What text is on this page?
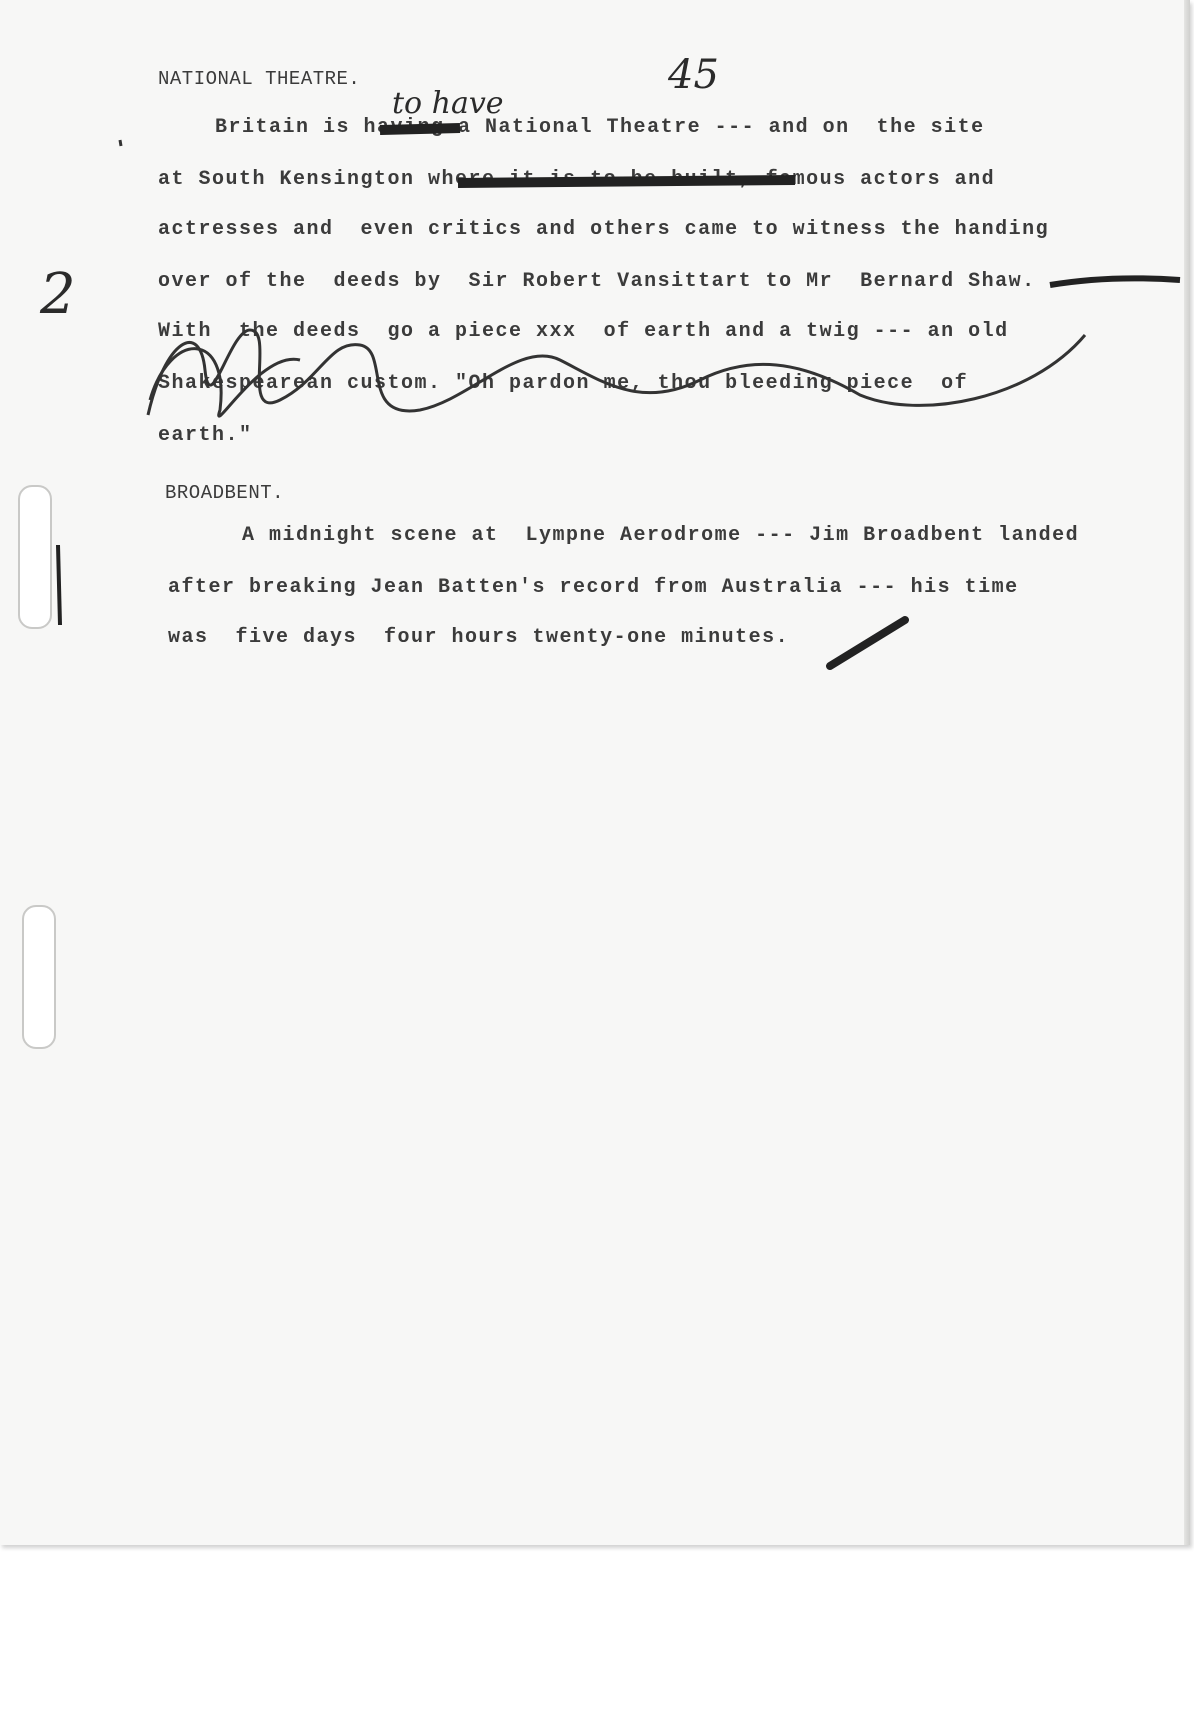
NATIONAL THEATRE.

Britain is having a National Theatre --- and on  the site

at South Kensington where it is to be built, famous actors and

actresses and  even critics and others came to witness the handing

over of the  deeds by  Sir Robert Vansittart to Mr  Bernard Shaw.

With  the deeds  go a piece xxx  of earth and a twig --- an old

Shakespearean custom. "Oh pardon me, thou bleeding piece  of

earth."

BROADBENT.

A midnight scene at  Lympne Aerodrome --- Jim Broadbent landed

after breaking Jean Batten's record from Australia --- his time

was  five days  four hours twenty-one minutes.

45

to have

2
